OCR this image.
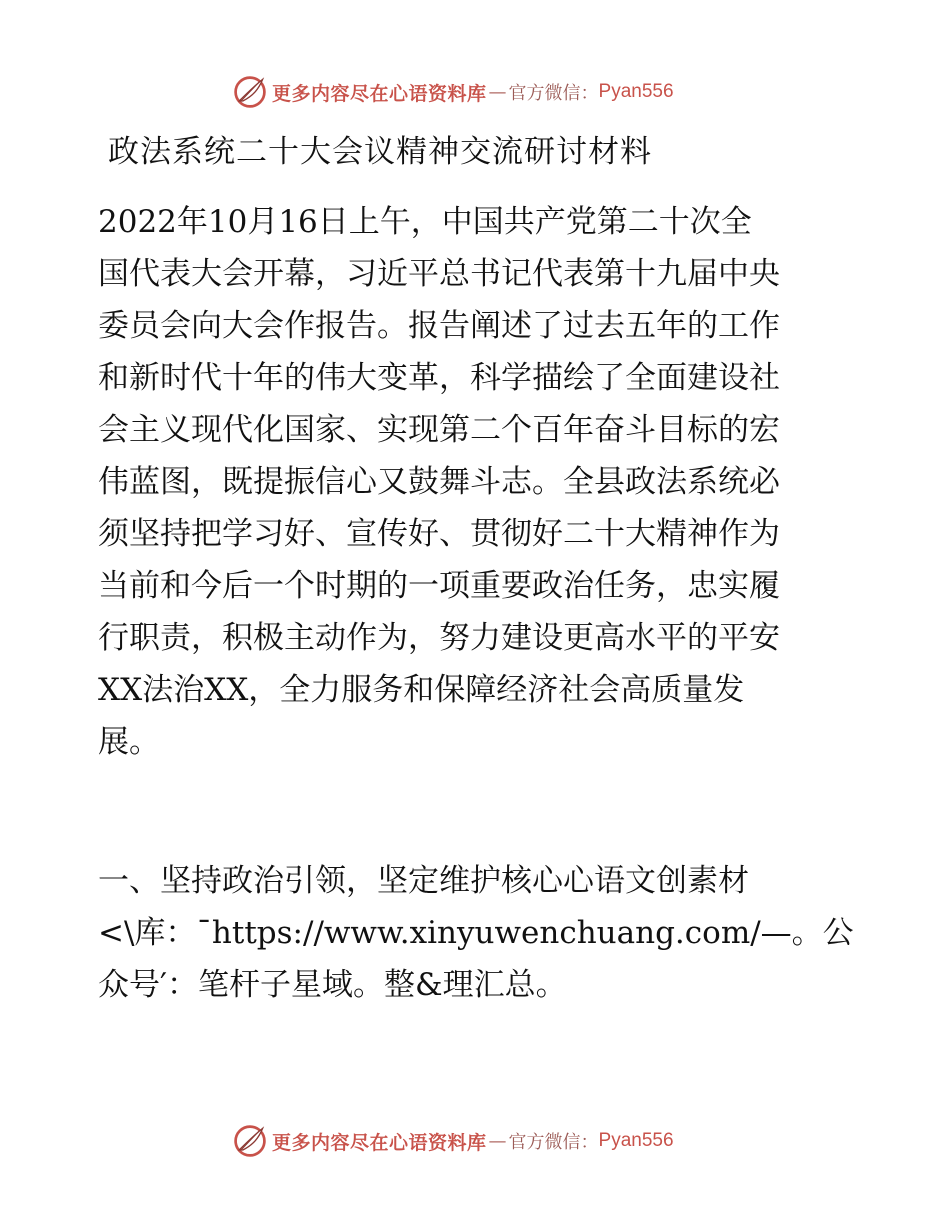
更多内容尽在心语资料库 — 官方微信： Pyan556
政法系统二十大会议精神交流研讨材料
2022年10月16日上午，中国共产党第二十次全
国代表大会开幕，习近平总书记代表第十九届中央
委员会向大会作报告。报告阐述了过去五年的工作
和新时代十年的伟大变革，科学描绘了全面建设社
会主义现代化国家、实现第二个百年奋斗目标的宏
伟蓝图，既提振信心又鼓舞斗志。全县政法系统必
须坚持把学习好、宣传好、贯彻好二十大精神作为
当前和今后一个时期的一项重要政治任务，忠实履
行职责，积极主动作为，努力建设更高水平的平安
XX法治XX，全力服务和保障经济社会高质量发
展。
一、坚持政治引领，坚定维护核心心语文创素材
<\库：¯https://www.xinyuwenchuang.com/—。公
众号′：笔杆子星域。整&理汇总。
更多内容尽在心语资料库 — 官方微信： Pyan556
